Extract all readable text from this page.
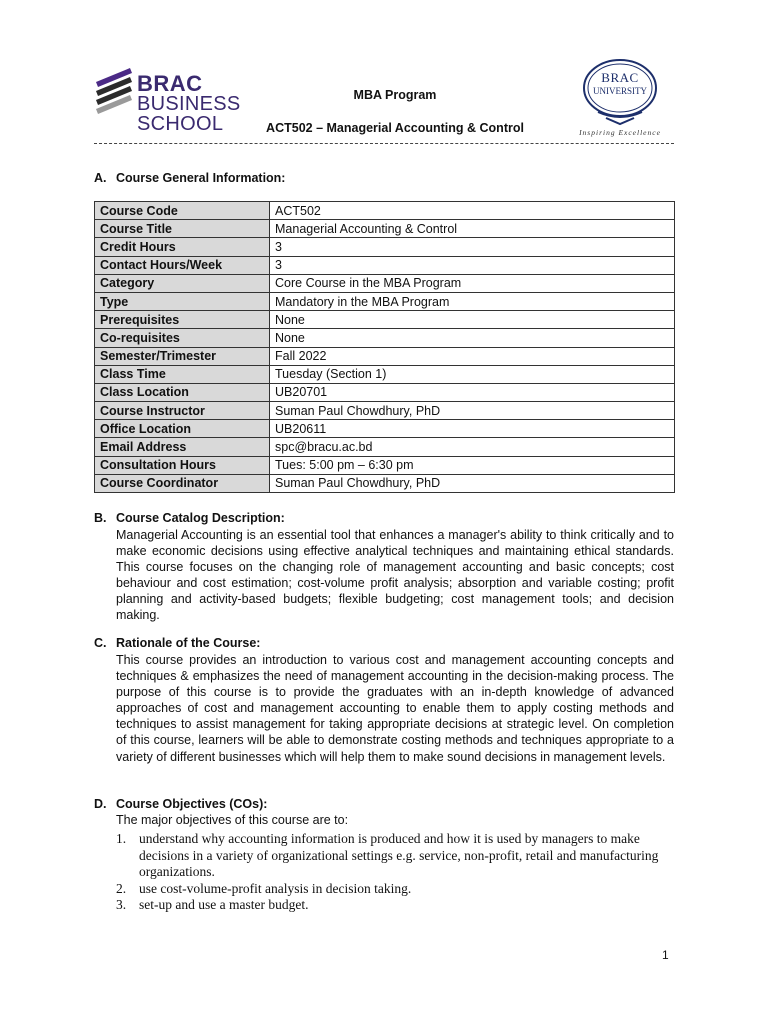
BRAC
BUSINESS
SCHOOL
MBA Program
ACT502 – Managerial Accounting & Control
BRAC
UNIVERSITY
Inspiring Excellence
A. Course General Information:
Course Code	ACT502
Course Title	Managerial Accounting & Control
Credit Hours	3
Contact Hours/Week	3
Category	Core Course in the MBA Program
Type	Mandatory in the MBA Program
Prerequisites	None
Co-requisites	None
Semester/Trimester	Fall 2022
Class Time	Tuesday (Section 1)
Class Location	UB20701
Course Instructor	Suman Paul Chowdhury, PhD
Office Location	UB20611
Email Address	spc@bracu.ac.bd
Consultation Hours	Tues: 5:00 pm – 6:30 pm
Course Coordinator	Suman Paul Chowdhury, PhD
B. Course Catalog Description:
Managerial Accounting is an essential tool that enhances a manager's ability to think critically and to make economic decisions using effective analytical techniques and maintaining ethical standards. This course focuses on the changing role of management accounting and basic concepts; cost behaviour and cost estimation; cost-volume profit analysis; absorption and variable costing; profit planning and activity-based budgets; flexible budgeting; cost management tools; and decision making.
C. Rationale of the Course:
This course provides an introduction to various cost and management accounting concepts and techniques & emphasizes the need of management accounting in the decision-making process. The purpose of this course is to provide the graduates with an in-depth knowledge of advanced approaches of cost and management accounting to enable them to apply costing methods and techniques to assist management for taking appropriate decisions at strategic level. On completion of this course, learners will be able to demonstrate costing methods and techniques appropriate to a variety of different businesses which will help them to make sound decisions in management levels.
D. Course Objectives (COs):
The major objectives of this course are to:
1. understand why accounting information is produced and how it is used by managers to make decisions in a variety of organizational settings e.g. service, non-profit, retail and manufacturing organizations.
2. use cost-volume-profit analysis in decision taking.
3. set-up and use a master budget.
1
